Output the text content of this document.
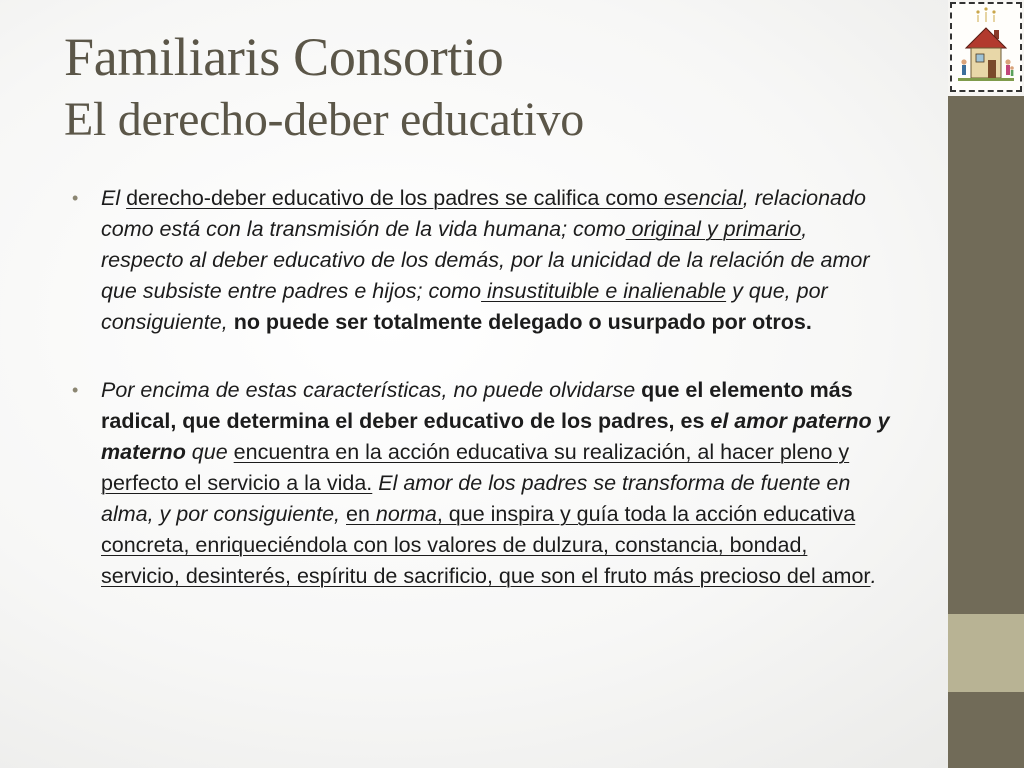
Familiaris Consortio
El derecho-deber educativo
• El derecho-deber educativo de los padres se califica como esencial, relacionado como está con la transmisión de la vida humana; como original y primario, respecto al deber educativo de los demás, por la unicidad de la relación de amor que subsiste entre padres e hijos; como insustituible e inalienable y que, por consiguiente, no puede ser totalmente delegado o usurpado por otros.
• Por encima de estas características, no puede olvidarse que el elemento más radical, que determina el deber educativo de los padres, es el amor paterno y materno que encuentra en la acción educativa su realización, al hacer pleno y perfecto el servicio a la vida. El amor de los padres se transforma de fuente en alma, y por consiguiente, en norma, que inspira y guía toda la acción educativa concreta, enriqueciéndola con los valores de dulzura, constancia, bondad, servicio, desinterés, espíritu de sacrificio, que son el fruto más precioso del amor.
